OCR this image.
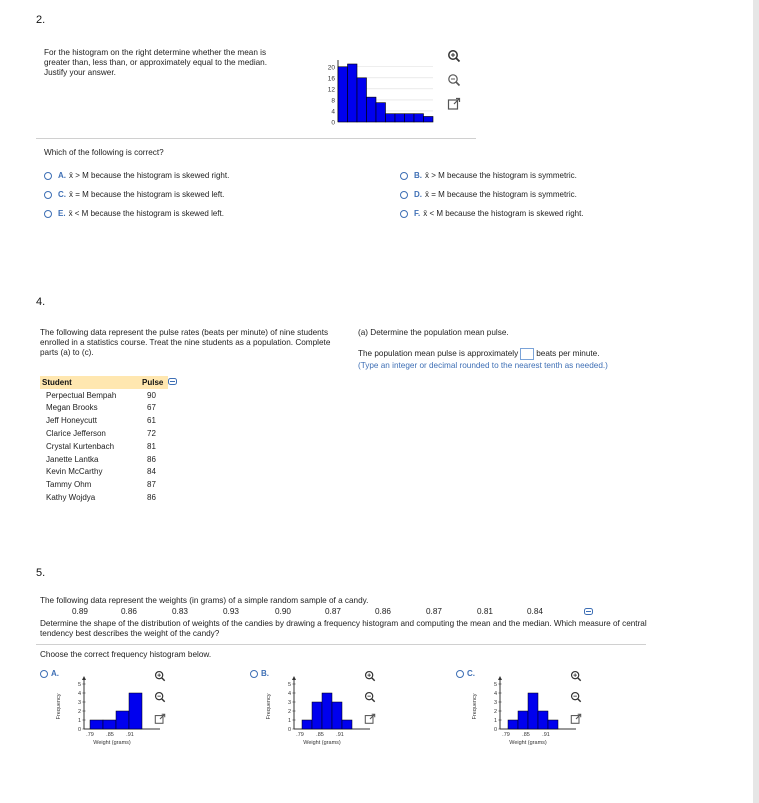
2.
For the histogram on the right determine whether the mean is
greater than, less than, or approximately equal to the median.
Justify your answer.
20
16
12
8
4
0
Which of the following is correct?
A. x̄ > M because the histogram is skewed right.
C. x̄ = M because the histogram is skewed left.
E. x̄ < M because the histogram is skewed left.
B. x̄ > M because the histogram is symmetric.
D. x̄ = M because the histogram is symmetric.
F. x̄ < M because the histogram is skewed right.
4.
The following data represent the pulse rates (beats per minute) of nine students
enrolled in a statistics course. Treat the nine students as a population. Complete
parts (a) to (c).
Student	Pulse	
Perpectual Bempah	90	
Megan Brooks	67	
Jeff Honeycutt	61	
Clarice Jefferson	72	
Crystal Kurtenbach	81	
Janette Lantka	86	
Kevin McCarthy	84	
Tammy Ohm	87	
Kathy Wojdya	86	
(a) Determine the population mean pulse.
The population mean pulse is approximately beats per minute.
(Type an integer or decimal rounded to the nearest tenth as needed.)
5.
The following data represent the weights (in grams) of a simple random sample of a candy.
0.89	0.86	0.83	0.93	0.90	0.87	0.86	0.87	0.81	0.84
Determine the shape of the distribution of weights of the candies by drawing a frequency histogram and computing the mean and the median. Which measure of central
tendency best describes the weight of the candy?
Choose the correct frequency histogram below.
A.
Frequency
5
4
3
2
1
0
.79 .85 .91
Weight (grams)
B.
Frequency
5
4
3
2
1
0
.79 .85 .91
Weight (grams)
C.
Frequency
5
4
3
2
1
0
.79 .85 .91
Weight (grams)
